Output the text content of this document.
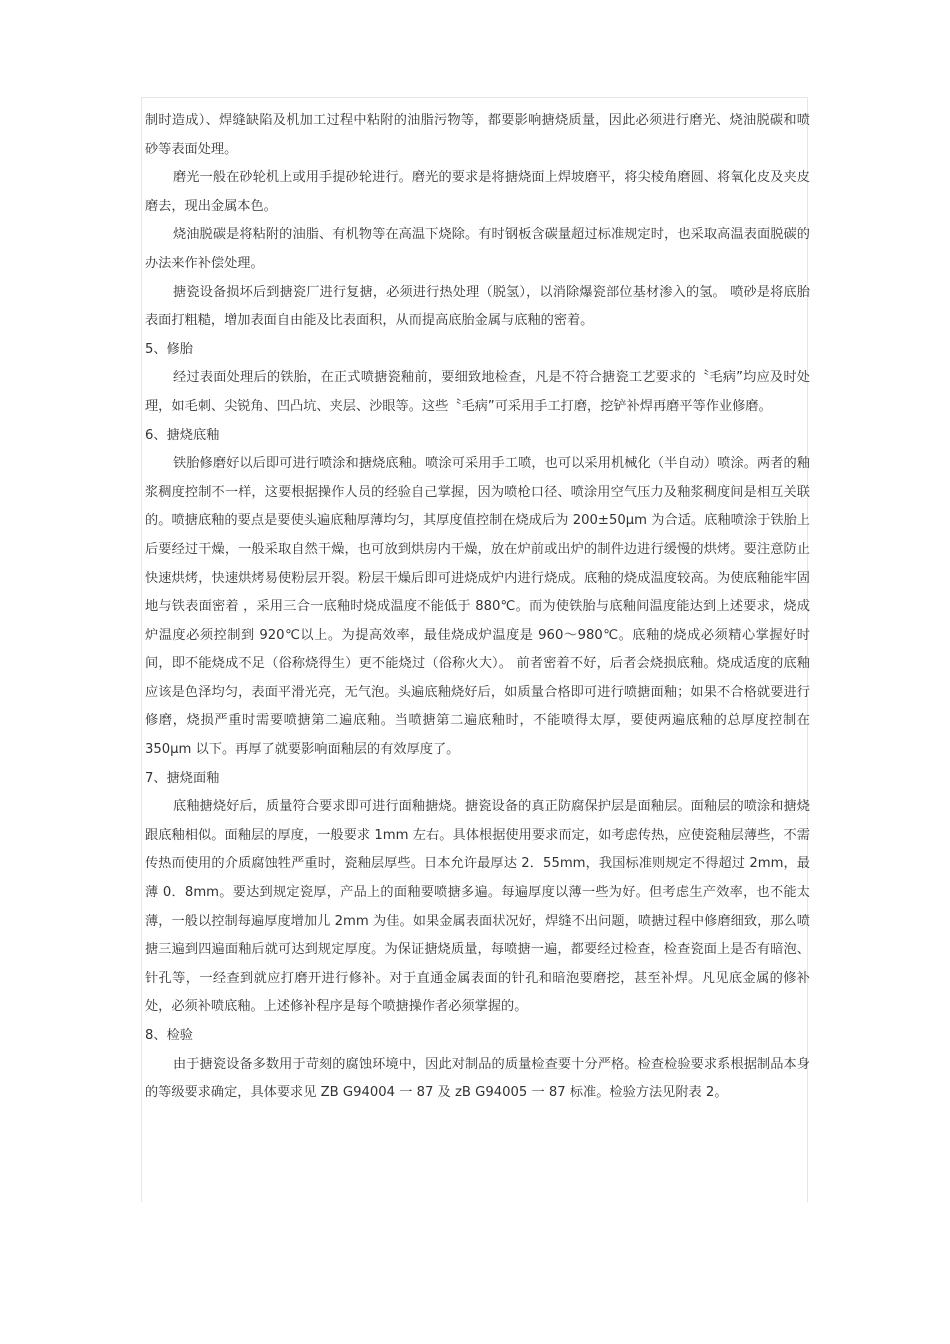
制时造成）、焊缝缺陷及机加工过程中粘附的油脂污物等，都要影响搪烧质量，因此必须进行磨光、烧油脱碳和喷砂等表面处理。

磨光一般在砂轮机上或用手提砂轮进行。磨光的要求是将搪烧面上焊坡磨平，将尖棱角磨圆、将氧化皮及夹皮磨去，现出金属本色。

烧油脱碳是将粘附的油脂、有机物等在高温下烧除。有时钢板含碳量超过标准规定时，也采取高温表面脱碳的办法来作补偿处理。

搪瓷设备损坏后到搪瓷厂进行复搪，必须进行热处理（脱氢），以消除爆瓷部位基材渗入的氢。 喷砂是将底胎表面打粗糙，增加表面自由能及比表面积，从而提高底胎金属与底釉的密着。

5、修胎

经过表面处理后的铁胎，在正式喷搪瓷釉前，要细致地检查，凡是不符合搪瓷工艺要求的〝毛病”均应及时处理，如毛刺、尖锐角、凹凸坑、夹层、沙眼等。这些〝毛病”可采用手工打磨，挖铲补焊再磨平等作业修磨。

6、搪烧底釉

铁胎修磨好以后即可进行喷涂和搪烧底釉。喷涂可采用手工喷，也可以采用机械化（半自动）喷涂。两者的釉浆稠度控制不一样，这要根据操作人员的经验自己掌握，因为喷枪口径、喷涂用空气压力及釉浆稠度间是相互关联的。喷搪底釉的要点是要使头遍底釉厚薄均匀，其厚度值控制在烧成后为 200±50μm 为合适。底釉喷涂于铁胎上后要经过干燥，一般采取自然干燥，也可放到烘房内干燥，放在炉前或出炉的制件边进行缓慢的烘烤。要注意防止快速烘烤，快速烘烤易使粉层开裂。粉层干燥后即可进烧成炉内进行烧成。底釉的烧成温度较高。为使底釉能牢固地与铁表面密着 ，采用三合一底釉时烧成温度不能低于 880℃。而为使铁胎与底釉间温度能达到上述要求，烧成炉温度必须控制到 920℃以上。为提高效率，最佳烧成炉温度是 960～980℃。底釉的烧成必须精心掌握好时间，即不能烧成不足（俗称烧得生）更不能烧过（俗称火大）。 前者密着不好，后者会烧损底釉。烧成适度的底釉应该是色泽均匀，表面平滑光亮，无气泡。头遍底釉烧好后，如质量合格即可进行喷搪面釉；如果不合格就要进行修磨，烧损严重时需要喷搪第二遍底釉。当喷搪第二遍底釉时，不能喷得太厚，要使两遍底釉的总厚度控制在 350μm 以下。再厚了就要影响面釉层的有效厚度了。

7、搪烧面釉

底釉搪烧好后，质量符合要求即可进行面釉搪烧。搪瓷设备的真正防腐保护层是面釉层。面釉层的喷涂和搪烧跟底釉相似。面釉层的厚度，一般要求 1mm 左右。具体根据使用要求而定，如考虑传热，应使瓷釉层薄些，不需传热而使用的介质腐蚀牲严重时，瓷釉层厚些。日本允许最厚达 2．55mm，我国标准则规定不得超过 2mm，最薄 0．8mm。要达到规定瓷厚，产品上的面釉要喷搪多遍。每遍厚度以薄一些为好。但考虑生产效率，也不能太薄，一般以控制每遍厚度增加儿 2mm 为佳。如果金属表面状况好，焊缝不出问题，喷搪过程中修磨细致，那么喷搪三遍到四遍面釉后就可达到规定厚度。为保证搪烧质量，每喷搪一遍，都要经过检查，检查瓷面上是否有暗泡、针孔等，一经查到就应打磨开进行修补。对于直通金属表面的针孔和暗泡要磨挖，甚至补焊。凡见底金属的修补处，必须补喷底釉。上述修补程序是每个喷搪操作者必须掌握的。

8、检验

由于搪瓷设备多数用于苛刻的腐蚀环境中，因此对制品的质量检查要十分严格。检查检验要求系根据制品本身的等级要求确定，具体要求见 ZB G94004 一 87 及 zB G94005 一 87 标准。检验方法见附表 2。
